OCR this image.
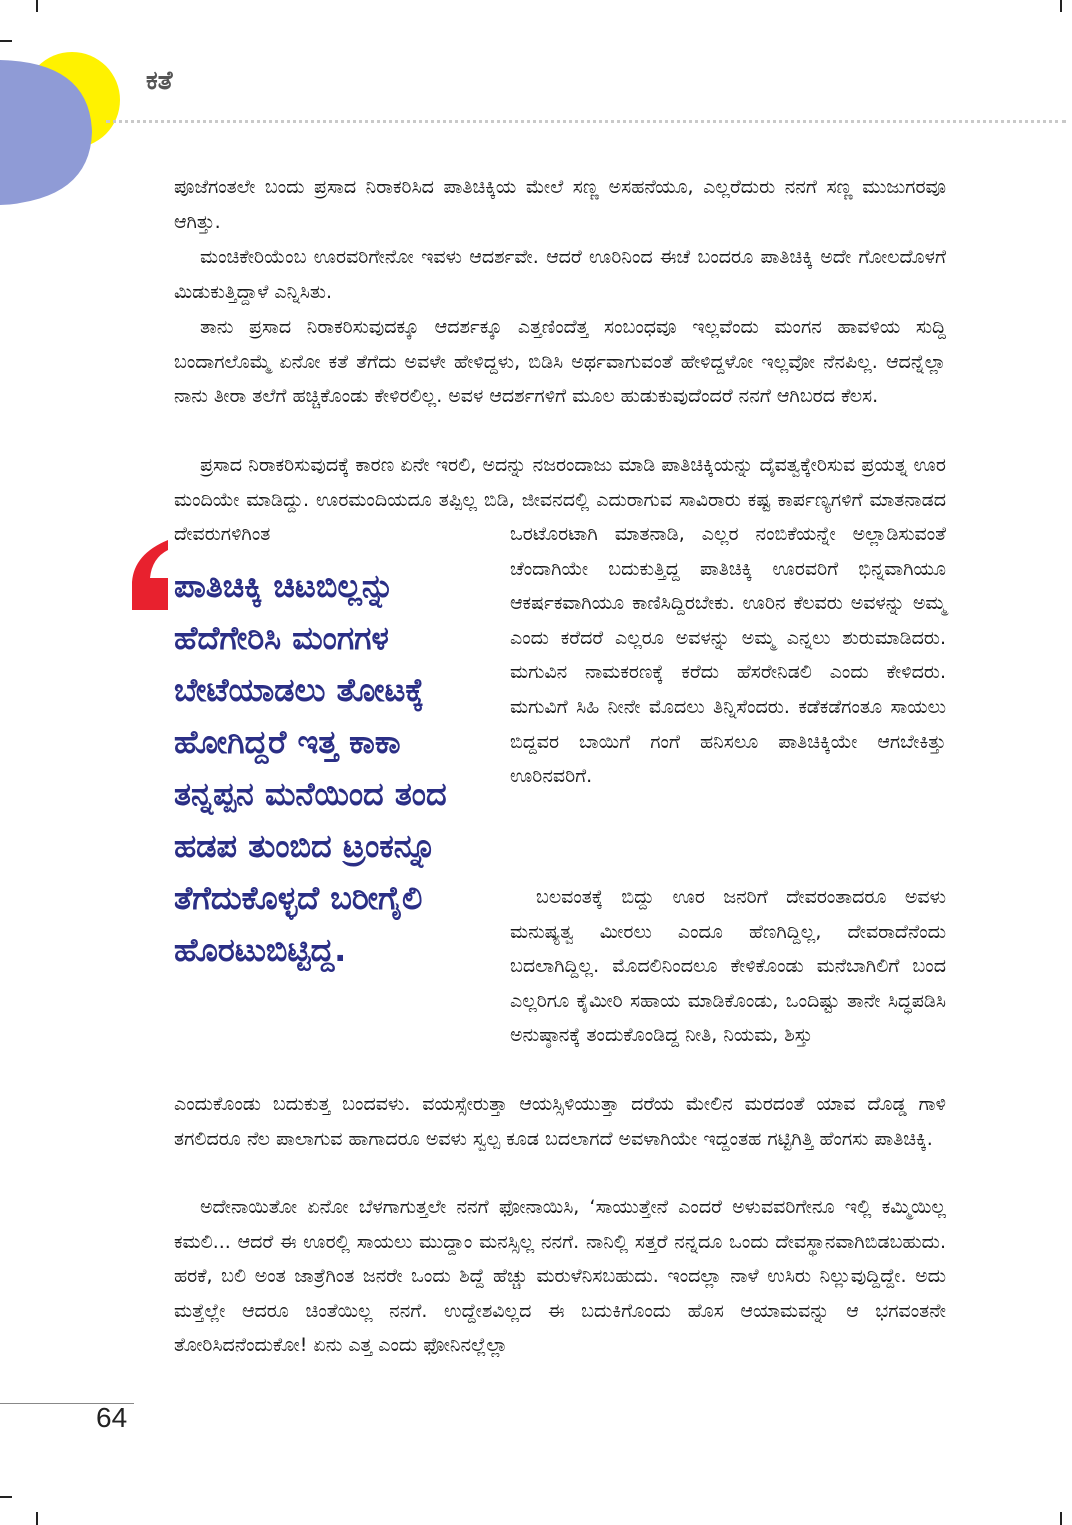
ಕತೆ

ಪೂಜೆಗಂತಲೇ ಬಂದು ಪ್ರಸಾದ ನಿರಾಕರಿಸಿದ ಪಾತಿಚಿಕ್ಕಿಯ ಮೇಲೆ ಸಣ್ಣ ಅಸಹನೆಯೂ, ಎಲ್ಲರೆದುರು ನನಗೆ ಸಣ್ಣ ಮುಜುಗರವೂ ಆಗಿತ್ತು.

ಮಂಚಿಕೇರಿಯೆಂಬ ಊರವರಿಗೇನೋ ಇವಳು ಆದರ್ಶವೇ. ಆದರೆ ಊರಿನಿಂದ ಈಚೆ ಬಂದರೂ ಪಾತಿಚಿಕ್ಕಿ ಅದೇ ಗೋಲದೊಳಗೆ ಮಿಡುಕುತ್ತಿದ್ದಾಳೆ ಎನ್ನಿಸಿತು.

ತಾನು ಪ್ರಸಾದ ನಿರಾಕರಿಸುವುದಕ್ಕೂ ಆದರ್ಶಕ್ಕೂ ಎತ್ತಣಿಂದೆತ್ತ ಸಂಬಂಧವೂ ಇಲ್ಲವೆಂದು ಮಂಗನ ಹಾವಳಿಯ ಸುದ್ದಿ ಬಂದಾಗಲೊಮ್ಮೆ ಏನೋ ಕತೆ ತೆಗೆದು ಅವಳೇ ಹೇಳಿದ್ದಳು, ಬಿಡಿಸಿ ಅರ್ಥವಾಗುವಂತೆ ಹೇಳಿದ್ದಳೋ ಇಲ್ಲವೋ ನೆನಪಿಲ್ಲ. ಆದನ್ನೆಲ್ಲಾ ನಾನು ತೀರಾ ತಲೆಗೆ ಹಚ್ಚಿಕೊಂಡು ಕೇಳಿರಲಿಲ್ಲ. ಅವಳ ಆದರ್ಶಗಳಿಗೆ ಮೂಲ ಹುಡುಕುವುದೆಂದರೆ ನನಗೆ ಆಗಿಬರದ ಕೆಲಸ.

ಪ್ರಸಾದ ನಿರಾಕರಿಸುವುದಕ್ಕೆ ಕಾರಣ ಏನೇ ಇರಲಿ, ಅದನ್ನು ನಜರಂದಾಜು ಮಾಡಿ ಪಾತಿಚಿಕ್ಕಿಯನ್ನು ದೈವತ್ವಕ್ಕೇರಿಸುವ ಪ್ರಯತ್ನ ಊರ ಮಂದಿಯೇ ಮಾಡಿದ್ದು. ಊರಮಂದಿಯದೂ ತಪ್ಪಿಲ್ಲ ಬಿಡಿ, ಜೀವನದಲ್ಲಿ ಎದುರಾಗುವ ಸಾವಿರಾರು ಕಷ್ಟ ಕಾರ್ಪಣ್ಯಗಳಿಗೆ ಮಾತನಾಡದ ದೇವರುಗಳಿಗಿಂತ

ಪಾತಿಚಿಕ್ಕಿ ಚಿಟಬಿಲ್ಲನ್ನು ಹೆದೆಗೇರಿಸಿ ಮಂಗಗಳ ಬೇಟೆಯಾಡಲು ತೋಟಕ್ಕೆ ಹೋಗಿದ್ದರೆ ಇತ್ತ ಕಾಕಾ ತನ್ನಪ್ಪನ ಮನೆಯಿಂದ ತಂದ ಹಡಪ ತುಂಬಿದ ಟ್ರಂಕನ್ನೂ ತೆಗೆದುಕೊಳ್ಳದೆ ಬರೀಗೈಲಿ ಹೊರಟುಬಿಟ್ಟಿದ್ದ.

ಒರಟೊರಟಾಗಿ ಮಾತನಾಡಿ, ಎಲ್ಲರ ನಂಬಿಕೆಯನ್ನೇ ಅಲ್ಲಾಡಿಸುವಂತೆ ಚೆಂದಾಗಿಯೇ ಬದುಕುತ್ತಿದ್ದ ಪಾತಿಚಿಕ್ಕಿ ಊರವರಿಗೆ ಭಿನ್ನವಾಗಿಯೂ ಆಕರ್ಷಕವಾಗಿಯೂ ಕಾಣಿಸಿದ್ದಿರಬೇಕು. ಊರಿನ ಕೆಲವರು ಅವಳನ್ನು ಅಮ್ಮ ಎಂದು ಕರೆದರೆ ಎಲ್ಲರೂ ಅವಳನ್ನು ಅಮ್ಮ ಎನ್ನಲು ಶುರುಮಾಡಿದರು. ಮಗುವಿನ ನಾಮಕರಣಕ್ಕೆ ಕರೆದು ಹೆಸರೇನಿಡಲಿ ಎಂದು ಕೇಳಿದರು. ಮಗುವಿಗೆ ಸಿಹಿ ನೀನೇ ಮೊದಲು ತಿನ್ನಿಸೆಂದರು. ಕಡೆಕಡೆಗಂತೂ ಸಾಯಲು ಬಿದ್ದವರ ಬಾಯಿಗೆ ಗಂಗೆ ಹನಿಸಲೂ ಪಾತಿಚಿಕ್ಕಿಯೇ ಆಗಬೇಕಿತ್ತು ಊರಿನವರಿಗೆ.

ಬಲವಂತಕ್ಕೆ ಬಿದ್ದು ಊರ ಜನರಿಗೆ ದೇವರಂತಾದರೂ ಅವಳು ಮನುಷ್ಯತ್ವ ಮೀರಲು ಎಂದೂ ಹೆಣಗಿದ್ದಿಲ್ಲ, ದೇವರಾದೆನೆಂದು ಬದಲಾಗಿದ್ದಿಲ್ಲ. ಮೊದಲಿನಿಂದಲೂ ಕೇಳಿಕೊಂಡು ಮನೆಬಾಗಿಲಿಗೆ ಬಂದ ಎಲ್ಲರಿಗೂ ಕೈಮೀರಿ ಸಹಾಯ ಮಾಡಿಕೊಂಡು, ಒಂದಿಷ್ಟು ತಾನೇ ಸಿದ್ಧಪಡಿಸಿ ಅನುಷ್ಠಾನಕ್ಕೆ ತಂದುಕೊಂಡಿದ್ದ ನೀತಿ, ನಿಯಮ, ಶಿಸ್ತು

ಎಂದುಕೊಂಡು ಬದುಕುತ್ತ ಬಂದವಳು. ವಯಸ್ಸೇರುತ್ತಾ ಆಯಸ್ಸಿಳಿಯುತ್ತಾ ದರೆಯ ಮೇಲಿನ ಮರದಂತೆ ಯಾವ ದೊಡ್ಡ ಗಾಳಿ ತಗಲಿದರೂ ನೆಲ ಪಾಲಾಗುವ ಹಾಗಾದರೂ ಅವಳು ಸ್ವಲ್ಪ ಕೂಡ ಬದಲಾಗದೆ ಅವಳಾಗಿಯೇ ಇದ್ದಂತಹ ಗಟ್ಟಿಗಿತ್ತಿ ಹೆಂಗಸು ಪಾತಿಚಿಕ್ಕಿ.

ಅದೇನಾಯಿತೋ ಏನೋ ಬೆಳಗಾಗುತ್ತಲೇ ನನಗೆ ಫೋನಾಯಿಸಿ, ‘ಸಾಯುತ್ತೇನೆ ಎಂದರೆ ಅಳುವವರಿಗೇನೂ ಇಲ್ಲಿ ಕಮ್ಮಿಯಿಲ್ಲ ಕಮಲಿ... ಆದರೆ ಈ ಊರಲ್ಲಿ ಸಾಯಲು ಮುದ್ದಾಂ ಮನಸ್ಸಿಲ್ಲ ನನಗೆ. ನಾನಿಲ್ಲಿ ಸತ್ತರೆ ನನ್ನದೂ ಒಂದು ದೇವಸ್ಥಾನವಾಗಿಬಿಡಬಹುದು. ಹರಕೆ, ಬಲಿ ಅಂತ ಜಾತ್ರೆಗಿಂತ ಜನರೇ ಒಂದು ಶಿದ್ದೆ ಹೆಚ್ಚು ಮರುಳೆನಿಸಬಹುದು. ಇಂದಲ್ಲಾ ನಾಳೆ ಉಸಿರು ನಿಲ್ಲುವುದ್ದಿದ್ದೇ. ಅದು ಮತ್ತೆಲ್ಲೇ ಆದರೂ ಚಿಂತೆಯಿಲ್ಲ ನನಗೆ. ಉದ್ದೇಶವಿಲ್ಲದ ಈ ಬದುಕಿಗೊಂದು ಹೊಸ ಆಯಾಮವನ್ನು ಆ ಭಗವಂತನೇ ತೋರಿಸಿದನೆಂದುಕೋ! ಏನು ಎತ್ತ ಎಂದು ಫೋನಿನಲ್ಲೆಲ್ಲಾ

64
